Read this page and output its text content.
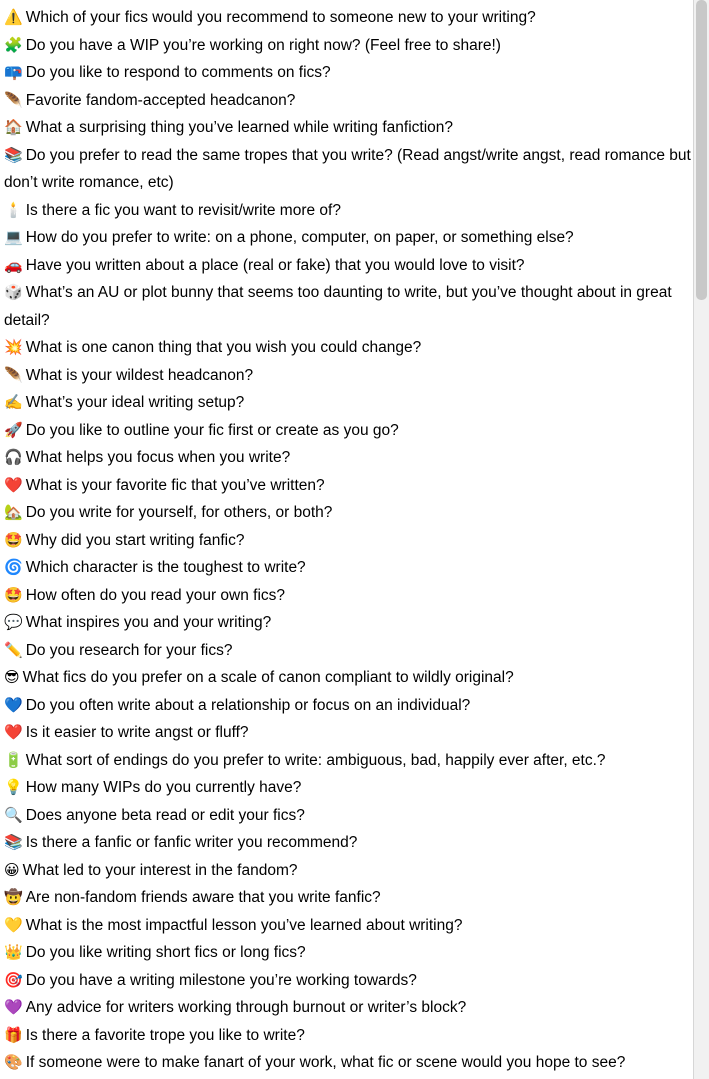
⚠️ Which of your fics would you recommend to someone new to your writing?
🧩 Do you have a WIP you’re working on right now? (Feel free to share!)
📪 Do you like to respond to comments on fics?
🪶 Favorite fandom-accepted headcanon?
🏠 What a surprising thing you’ve learned while writing fanfiction?
📚 Do you prefer to read the same tropes that you write? (Read angst/write angst, read romance but don’t write romance, etc)
🕯️ Is there a fic you want to revisit/write more of?
💻 How do you prefer to write: on a phone, computer, on paper, or something else?
🚗 Have you written about a place (real or fake) that you would love to visit?
🎲 What’s an AU or plot bunny that seems too daunting to write, but you’ve thought about in great detail?
💥 What is one canon thing that you wish you could change?
🪶 What is your wildest headcanon?
✍️ What’s your ideal writing setup?
🚀 Do you like to outline your fic first or create as you go?
🎧 What helps you focus when you write?
❤️ What is your favorite fic that you’ve written?
🏡 Do you write for yourself, for others, or both?
🤩 Why did you start writing fanfic?
🌀 Which character is the toughest to write?
🤩 How often do you read your own fics?
💬 What inspires you and your writing?
✏️ Do you research for your fics?
😎 What fics do you prefer on a scale of canon compliant to wildly original?
💙 Do you often write about a relationship or focus on an individual?
❤️ Is it easier to write angst or fluff?
🔋 What sort of endings do you prefer to write: ambiguous, bad, happily ever after, etc.?
💡 How many WIPs do you currently have?
🔍 Does anyone beta read or edit your fics?
📚 Is there a fanfic or fanfic writer you recommend?
😀 What led to your interest in the fandom?
🤠 Are non-fandom friends aware that you write fanfic?
💛 What is the most impactful lesson you’ve learned about writing?
👑 Do you like writing short fics or long fics?
🎯 Do you have a writing milestone you’re working towards?
💜 Any advice for writers working through burnout or writer’s block?
🎁 Is there a favorite trope you like to write?
🎨 If someone were to make fanart of your work, what fic or scene would you hope to see?
